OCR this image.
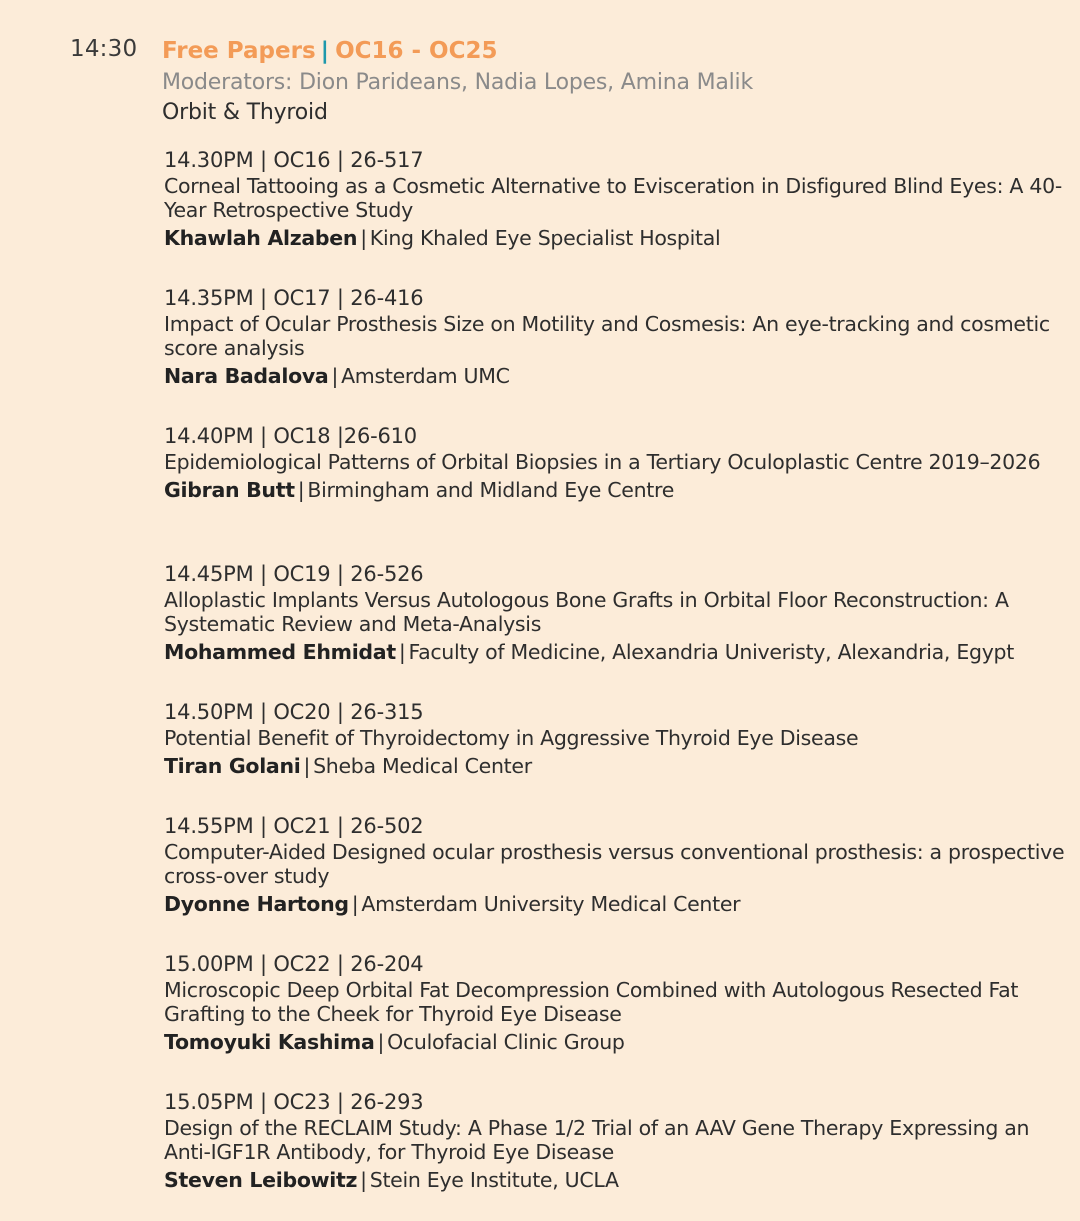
14:30 Free Papers | OC16 - OC25
Moderators: Dion Parideans, Nadia Lopes, Amina Malik
Orbit & Thyroid
14.30PM | OC16 | 26-517
Corneal Tattooing as a Cosmetic Alternative to Evisceration in Disfigured Blind Eyes: A 40-Year Retrospective Study
Khawlah Alzaben | King Khaled Eye Specialist Hospital
14.35PM | OC17 | 26-416
Impact of Ocular Prosthesis Size on Motility and Cosmesis: An eye-tracking and cosmetic score analysis
Nara Badalova | Amsterdam UMC
14.40PM | OC18 |26-610
Epidemiological Patterns of Orbital Biopsies in a Tertiary Oculoplastic Centre 2019–2026
Gibran Butt | Birmingham and Midland Eye Centre
14.45PM | OC19 | 26-526
Alloplastic Implants Versus Autologous Bone Grafts in Orbital Floor Reconstruction: A Systematic Review and Meta-Analysis
Mohammed Ehmidat | Faculty of Medicine, Alexandria Univeristy, Alexandria, Egypt
14.50PM | OC20 | 26-315
Potential Benefit of Thyroidectomy in Aggressive Thyroid Eye Disease
Tiran Golani | Sheba Medical Center
14.55PM | OC21 | 26-502
Computer-Aided Designed ocular prosthesis versus conventional prosthesis: a prospective cross-over study
Dyonne Hartong | Amsterdam University Medical Center
15.00PM | OC22 | 26-204
Microscopic Deep Orbital Fat Decompression Combined with Autologous Resected Fat Grafting to the Cheek for Thyroid Eye Disease
Tomoyuki Kashima | Oculofacial Clinic Group
15.05PM | OC23 | 26-293
Design of the RECLAIM Study: A Phase 1/2 Trial of an AAV Gene Therapy Expressing an Anti-IGF1R Antibody, for Thyroid Eye Disease
Steven Leibowitz | Stein Eye Institute, UCLA
